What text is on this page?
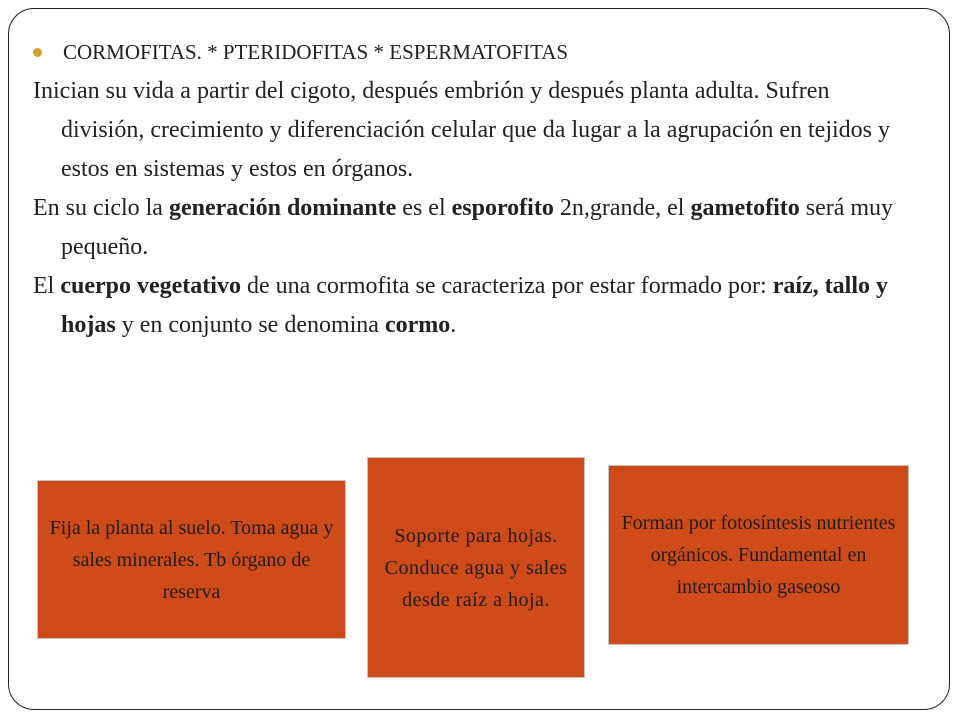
CORMOFITAS. * PTERIDOFITAS * ESPERMATOFITAS

Inician su vida a partir del cigoto, después embrión y después planta adulta. Sufren división, crecimiento y diferenciación celular que da lugar a la agrupación en tejidos y estos en sistemas y estos en órganos.

En su ciclo la generación dominante es el esporofito 2n,grande, el gametofito será muy pequeño.

El cuerpo vegetativo de una cormofita se caracteriza por estar formado por: raíz, tallo y hojas y en conjunto se denomina cormo.

Fija la planta al suelo. Toma agua y sales minerales. Tb órgano de reserva
Soporte para hojas. Conduce agua y sales desde raíz a hoja.
Forman por fotosíntesis nutrientes orgánicos. Fundamental en intercambio gaseoso
